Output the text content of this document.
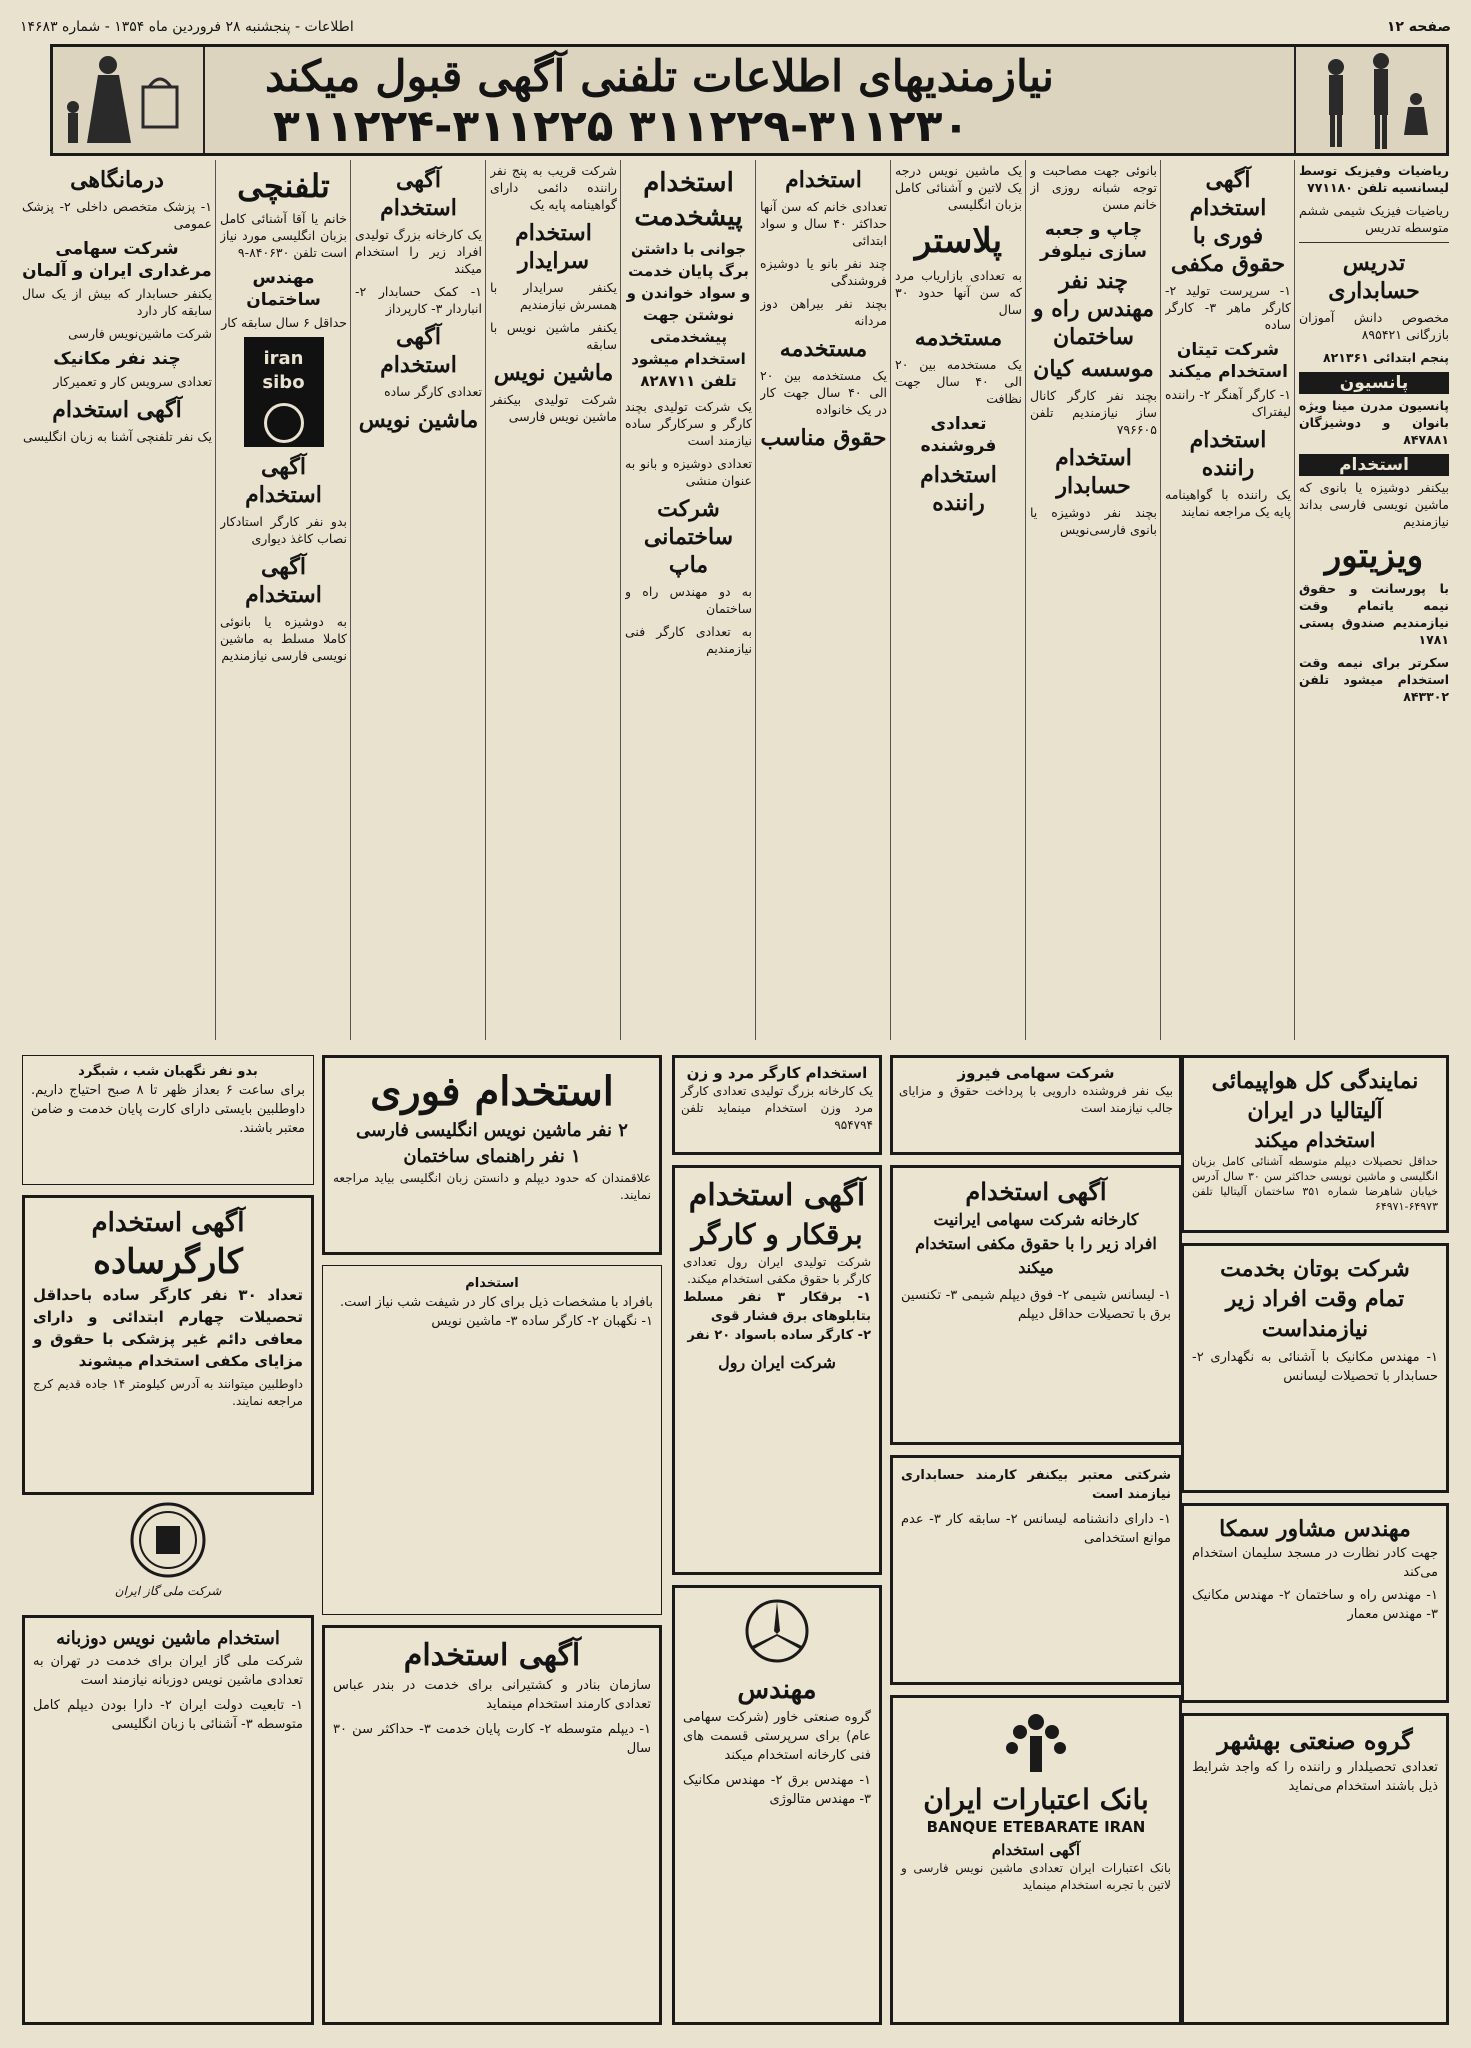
اطلاعات - پنجشنبه ۲۸ فروردین ماه ۱۳۵۴ - شماره ۱۴۶۸۳	صفحه ۱۲
نیازمندیهای اطلاعات تلفنی آگهی قبول میکند
۳۱۱۲۲۴-۳۱۱۲۲۵ ۳۱۱۲۲۹-۳۱۱۲۳۰

ریاضیات وفیزیک توسط لیسانسیه تلفن ۷۷۱۱۸۰

ریاضیات فیزیک شیمی ششم متوسطه تدریس

تدریس حسابداری

مخصوص دانش آموزان بازرگانی ۸۹۵۴۲۱

پنجم ابتدائی ۸۲۱۳۶۱

پانسیون

پانسیون مدرن مینا ویژه بانوان و دوشیزگان ۸۴۷۸۸۱

استخدام

بیکنفر دوشیزه یا بانوی که ماشین نویسی فارسی بداند نیازمندیم

ویزیتور

با پورسانت و حقوق نیمه یاتمام وقت نیازمندیم صندوق پستی ۱۷۸۱

سکرتر برای نیمه وقت استخدام میشود تلفن ۸۴۳۳۰۲

آگهی استخدام فوری با حقوق مکفی

۱- سرپرست تولید ۲- کارگر ماهر ۳- کارگر ساده

شرکت تیتان استخدام میکند

۱- کارگر آهنگر ۲- راننده لیفتراک

استخدام راننده

یک راننده با گواهینامه پایه یک مراجعه نمایند

بانوئی جهت مصاحبت و توجه شبانه روزی از خانم مسن

چاپ و جعبه سازی نیلوفر
چند نفر مهندس راه و ساختمان
موسسه کیان

بچند نفر کارگر کانال ساز نیازمندیم تلفن ۷۹۶۶۰۵

استخدام حسابدار

بچند نفر دوشیزه یا بانوی فارسی‌نویس

یک ماشین نویس درجه یک لاتین و آشنائی کامل بزبان انگلیسی

پلاستر

به تعدادی بازاریاب مرد که سن آنها حدود ۳۰ سال

مستخدمه

یک مستخدمه بین ۲۰ الی ۴۰ سال جهت نظافت

تعدادی فروشنده
استخدام راننده
استخدام

تعدادی خانم که سن آنها حداکثر ۴۰ سال و سواد ابتدائی

چند نفر بانو یا دوشیزه فروشندگی

بچند نفر بیراهن دوز مردانه

مستخدمه

یک مستخدمه بین ۲۰ الی ۴۰ سال جهت کار در یک خانواده

حقوق مناسب
استخدام پیشخدمت

جوانی با داشتن برگ پایان خدمت و سواد خواندن و نوشتن جهت پیشخدمتی استخدام میشود تلفن ۸۲۸۷۱۱

یک شرکت تولیدی بچند کارگر و سرکارگر ساده نیازمند است

تعدادی دوشیزه و بانو به عنوان منشی

شرکت ساختمانی ماپ

به دو مهندس راه و ساختمان

به تعدادی کارگر فنی نیازمندیم

شرکت قریب به پنج نفر راننده دائمی دارای گواهینامه پایه یک

استخدام سرایدار

یکنفر سرایدار با همسرش نیازمندیم

یکنفر ماشین نویس با سابقه

ماشین نویس

شرکت تولیدی بیکنفر ماشین نویس فارسی

آگهی استخدام

یک کارخانه بزرگ تولیدی افراد زیر را استخدام میکند

۱- کمک حسابدار ۲- انباردار ۳- کارپرداز

آگهی استخدام

تعدادی کارگر ساده

ماشین نویس
تلفنچی

خانم یا آقا آشنائی کامل بزبان انگلیسی مورد نیاز است تلفن ۸۴۰۶۳۰-۹

مهندس ساختمان

حداقل ۶ سال سابقه کار

iran sibo
آگهی استخدام

بدو نفر کارگر استادکار نصاب کاغذ دیواری

آگهی استخدام

به دوشیزه یا بانوئی کاملا مسلط به ماشین نویسی فارسی نیازمندیم

درمانگاهی

۱- پزشک متخصص داخلی ۲- پزشک عمومی

شرکت سهامی مرغداری ایران و آلمان

یکنفر حسابدار که بیش از یک سال سابقه کار دارد

شرکت ماشین‌نویس فارسی

چند نفر مکانیک

تعدادی سرویس کار و تعمیرکار

آگهی استخدام

یک نفر تلفنچی آشنا به زبان انگلیسی

بدو نفر نگهبان شب ، شبگرد
برای ساعت ۶ بعداز ظهر تا ۸ صبح احتیاج داریم. داوطلبین بایستی دارای کارت پایان خدمت و ضامن معتبر باشند.
آگهی استخدام
کارگرساده
تعداد ۳۰ نفر کارگر ساده باحداقل تحصیلات چهارم ابتدائی و دارای معافی دائم غیر پزشکی با حقوق و مزایای مکفی استخدام میشوند
داوطلبین میتوانند به آدرس کیلومتر ۱۴ جاده قدیم کرج مراجعه نمایند.
شرکت ملی گاز ایران
استخدام ماشین نویس دوزبانه
شرکت ملی گاز ایران برای خدمت در تهران به تعدادی ماشین نویس دوزبانه نیازمند است
۱- تابعیت دولت ایران ۲- دارا بودن دیپلم کامل متوسطه ۳- آشنائی با زبان انگلیسی
استخدام فوری
۲ نفر ماشین نویس انگلیسی فارسی
۱ نفر راهنمای ساختمان
علاقمندان که حدود دیپلم و دانستن زبان انگلیسی بیاید مراجعه نمایند.
استخدام
بافراد با مشخصات ذیل برای کار در شیفت شب نیاز است.
۱- نگهبان ۲- کارگر ساده ۳- ماشین نویس
آگهی استخدام
سازمان بنادر و کشتیرانی برای خدمت در بندر عباس تعدادی کارمند استخدام مینماید
۱- دیپلم متوسطه ۲- کارت پایان خدمت ۳- حداکثر سن ۳۰ سال
استخدام کارگر مرد و زن
یک کارخانه بزرگ تولیدی تعدادی کارگر مرد وزن استخدام مینماید تلفن ۹۵۴۷۹۴
شرکت سهامی فیروز
بیک نفر فروشنده دارویی با پرداخت حقوق و مزایای جالب نیازمند است
آگهی استخدام
برقکار و کارگر
شرکت تولیدی ایران رول تعدادی کارگر با حقوق مکفی استخدام میکند.
۱- برقکار ۳ نفر مسلط بتابلوهای برق فشار قوی
۲- کارگر ساده باسواد ۲۰ نفر
شرکت ایران رول
آگهی استخدام
کارخانه شرکت سهامی ایرانیت
افراد زیر را با حقوق مکفی استخدام میکند
۱- لیسانس شیمی ۲- فوق دیپلم شیمی ۳- تکنسین برق با تحصیلات حداقل دیپلم
مهندس
گروه صنعتی خاور (شرکت سهامی عام) برای سرپرستی قسمت های فنی کارخانه استخدام میکند
۱- مهندس برق ۲- مهندس مکانیک ۳- مهندس متالوژی
شرکتی معتبر بیکنفر کارمند حسابداری نیازمند است
۱- دارای دانشنامه لیسانس ۲- سابقه کار ۳- عدم موانع استخدامی
بانک اعتبارات ایران
BANQUE ETEBARATE IRAN
آگهی استخدام
بانک اعتبارات ایران تعدادی ماشین نویس فارسی و لاتین با تجربه استخدام مینماید
نمایندگی کل هواپیمائی
آلیتالیا در ایران
استخدام میکند
حداقل تحصیلات دیپلم متوسطه آشنائی کامل بزبان انگلیسی و ماشین نویسی حداکثر سن ۳۰ سال آدرس خیابان شاهرضا شماره ۳۵۱ ساختمان آلیتالیا تلفن ۶۴۹۷۳-۶۴۹۷۱
شرکت بوتان بخدمت
تمام وقت افراد زیر
نیازمنداست
۱- مهندس مکانیک با آشنائی به نگهداری ۲- حسابدار با تحصیلات لیسانس
مهندس مشاور سمکا
جهت کادر نظارت در مسجد سلیمان استخدام می‌کند
۱- مهندس راه و ساختمان ۲- مهندس مکانیک ۳- مهندس معمار
گروه صنعتی بهشهر
تعدادی تحصیلدار و راننده را که واجد شرایط ذیل باشند استخدام می‌نماید
